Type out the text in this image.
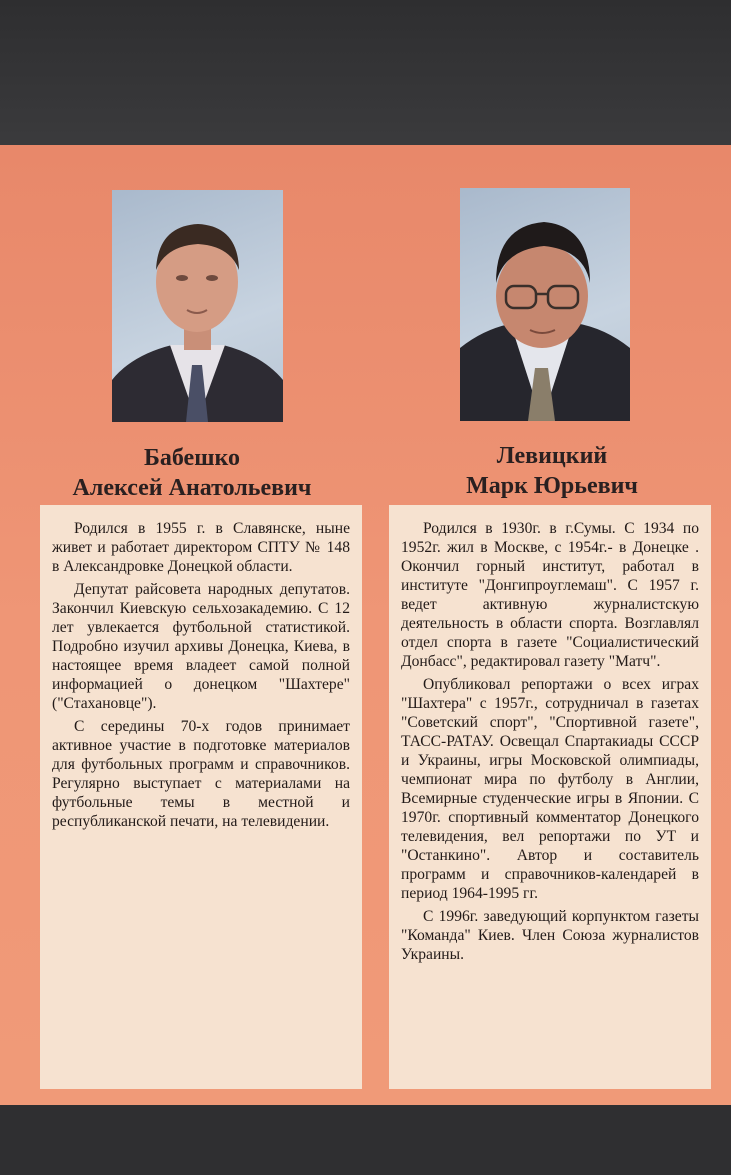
Бабешко
Алексей Анатольевич
Левицкий
Марк Юрьевич

Родился в 1955 г. в Славянске, ныне живет и работает директором СПТУ № 148 в Александровке Донецкой области.

Депутат райсовета народных депутатов. Закончил Киевскую сельхозакадемию. С 12 лет увлекается футбольной статистикой. Подробно изучил архивы Донецка, Киева, в настоящее время владеет самой полной информацией о донецком "Шахтере" ("Стахановце").

С середины 70-х годов принимает активное участие в подготовке материалов для футбольных программ и справочников. Регулярно выступает с материалами на футбольные темы в местной и республиканской печати, на телевидении.

Родился в 1930г. в г.Сумы. С 1934 по 1952г. жил в Москве, с 1954г.- в Донецке . Окончил горный институт, работал в институте "Донгипроуглемаш". С 1957 г. ведет активную журналистскую деятельность в области спорта. Возглавлял отдел спорта в газете "Социалистический Донбасс", редактировал газету "Матч".

Опубликовал репортажи о всех играх "Шахтера" с 1957г., сотрудничал в газетах "Советский спорт", "Спортивной газете", ТАСС-РАТАУ. Освещал Спартакиады СССР и Украины, игры Московской олимпиады, чемпионат мира по футболу в Англии, Всемирные студенческие игры в Японии. С 1970г. спортивный комментатор Донецкого телевидения, вел репортажи по УТ и "Останкино". Автор и составитель программ и справочников-календарей в период 1964-1995 гг.

С 1996г. заведующий корпунктом газеты "Команда" Киев. Член Союза журналистов Украины.
